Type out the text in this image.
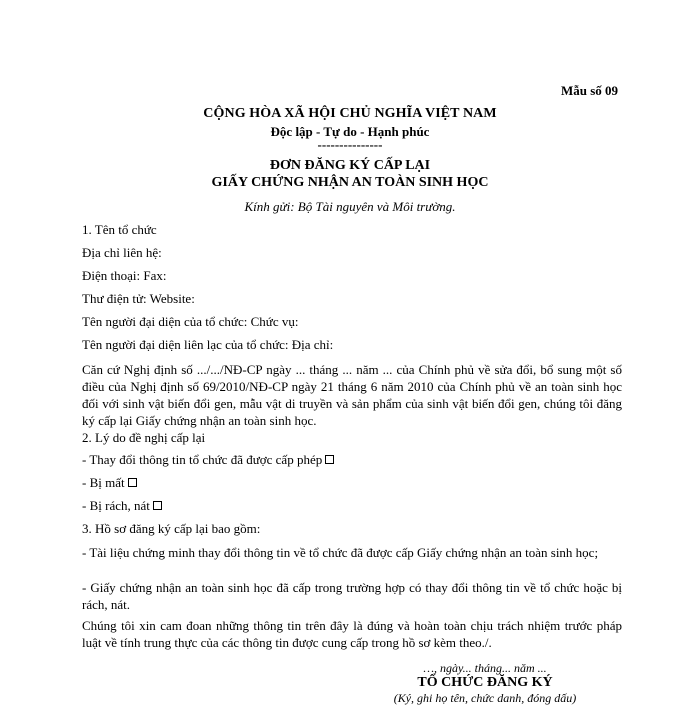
Mẫu số 09
CỘNG HÒA XÃ HỘI CHỦ NGHĨA VIỆT NAM
Độc lập - Tự do - Hạnh phúc
---------------
ĐƠN ĐĂNG KÝ CẤP LẠI
GIẤY CHỨNG NHẬN AN TOÀN SINH HỌC
Kính gửi: Bộ Tài nguyên và Môi trường.
1. Tên tổ chức
Địa chỉ liên hệ:
Điện thoại: Fax:
Thư điện tử: Website:
Tên người đại diện của tổ chức: Chức vụ:
Tên người đại diện liên lạc của tổ chức: Địa chỉ:
Căn cứ Nghị định số .../.../NĐ-CP ngày ... tháng ... năm ... của Chính phủ về sửa đổi, bổ sung một số điều của Nghị định số 69/2010/NĐ-CP ngày 21 tháng 6 năm 2010 của Chính phủ về an toàn sinh học đối với sinh vật biến đổi gen, mẫu vật di truyền và sản phẩm của sinh vật biến đổi gen, chúng tôi đăng ký cấp lại Giấy chứng nhận an toàn sinh học.
2. Lý do đề nghị cấp lại
- Thay đổi thông tin tổ chức đã được cấp phép
- Bị mất
- Bị rách, nát
3. Hồ sơ đăng ký cấp lại bao gồm:
- Tài liệu chứng minh thay đổi thông tin về tổ chức đã được cấp Giấy chứng nhận an toàn sinh học;
- Giấy chứng nhận an toàn sinh học đã cấp trong trường hợp có thay đổi thông tin về tổ chức hoặc bị rách, nát.
Chúng tôi xin cam đoan những thông tin trên đây là đúng và hoàn toàn chịu trách nhiệm trước pháp luật về tính trung thực của các thông tin được cung cấp trong hồ sơ kèm theo./.
…, ngày... tháng... năm ...
TỔ CHỨC ĐĂNG KÝ
(Ký, ghi họ tên, chức danh, đóng dấu)
